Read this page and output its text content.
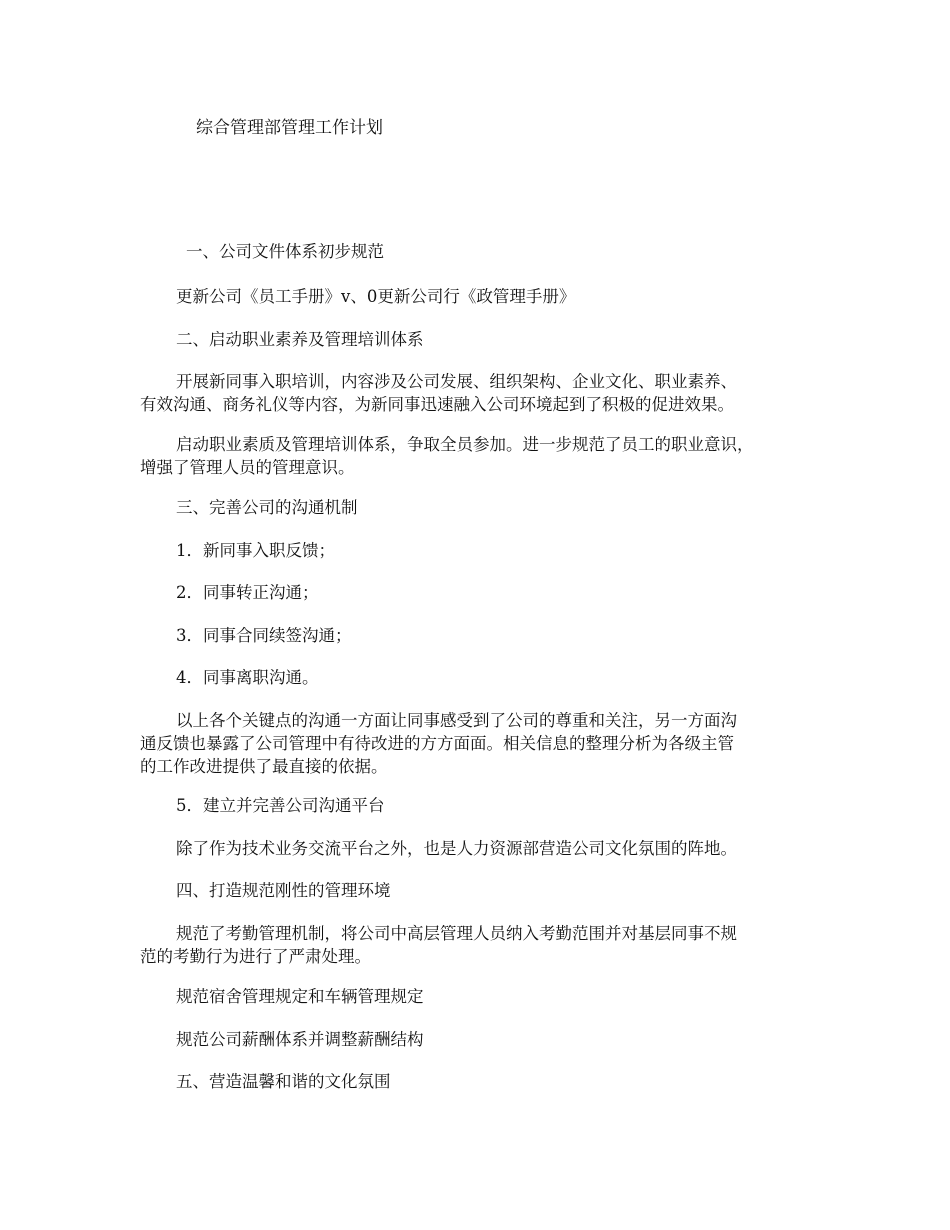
综合管理部管理工作计划
一、公司文件体系初步规范
更新公司《员工手册》v、0更新公司行《政管理手册》
二、启动职业素养及管理培训体系
开展新同事入职培训，内容涉及公司发展、组织架构、企业文化、职业素养、
有效沟通、商务礼仪等内容，为新同事迅速融入公司环境起到了积极的促进效果。
启动职业素质及管理培训体系，争取全员参加。进一步规范了员工的职业意识，
增强了管理人员的管理意识。
三、完善公司的沟通机制
1．新同事入职反馈；
2．同事转正沟通；
3．同事合同续签沟通；
4．同事离职沟通。
以上各个关键点的沟通一方面让同事感受到了公司的尊重和关注，另一方面沟
通反馈也暴露了公司管理中有待改进的方方面面。相关信息的整理分析为各级主管
的工作改进提供了最直接的依据。
5．建立并完善公司沟通平台
除了作为技术业务交流平台之外，也是人力资源部营造公司文化氛围的阵地。
四、打造规范刚性的管理环境
规范了考勤管理机制，将公司中高层管理人员纳入考勤范围并对基层同事不规
范的考勤行为进行了严肃处理。
规范宿舍管理规定和车辆管理规定
规范公司薪酬体系并调整薪酬结构
五、营造温馨和谐的文化氛围
